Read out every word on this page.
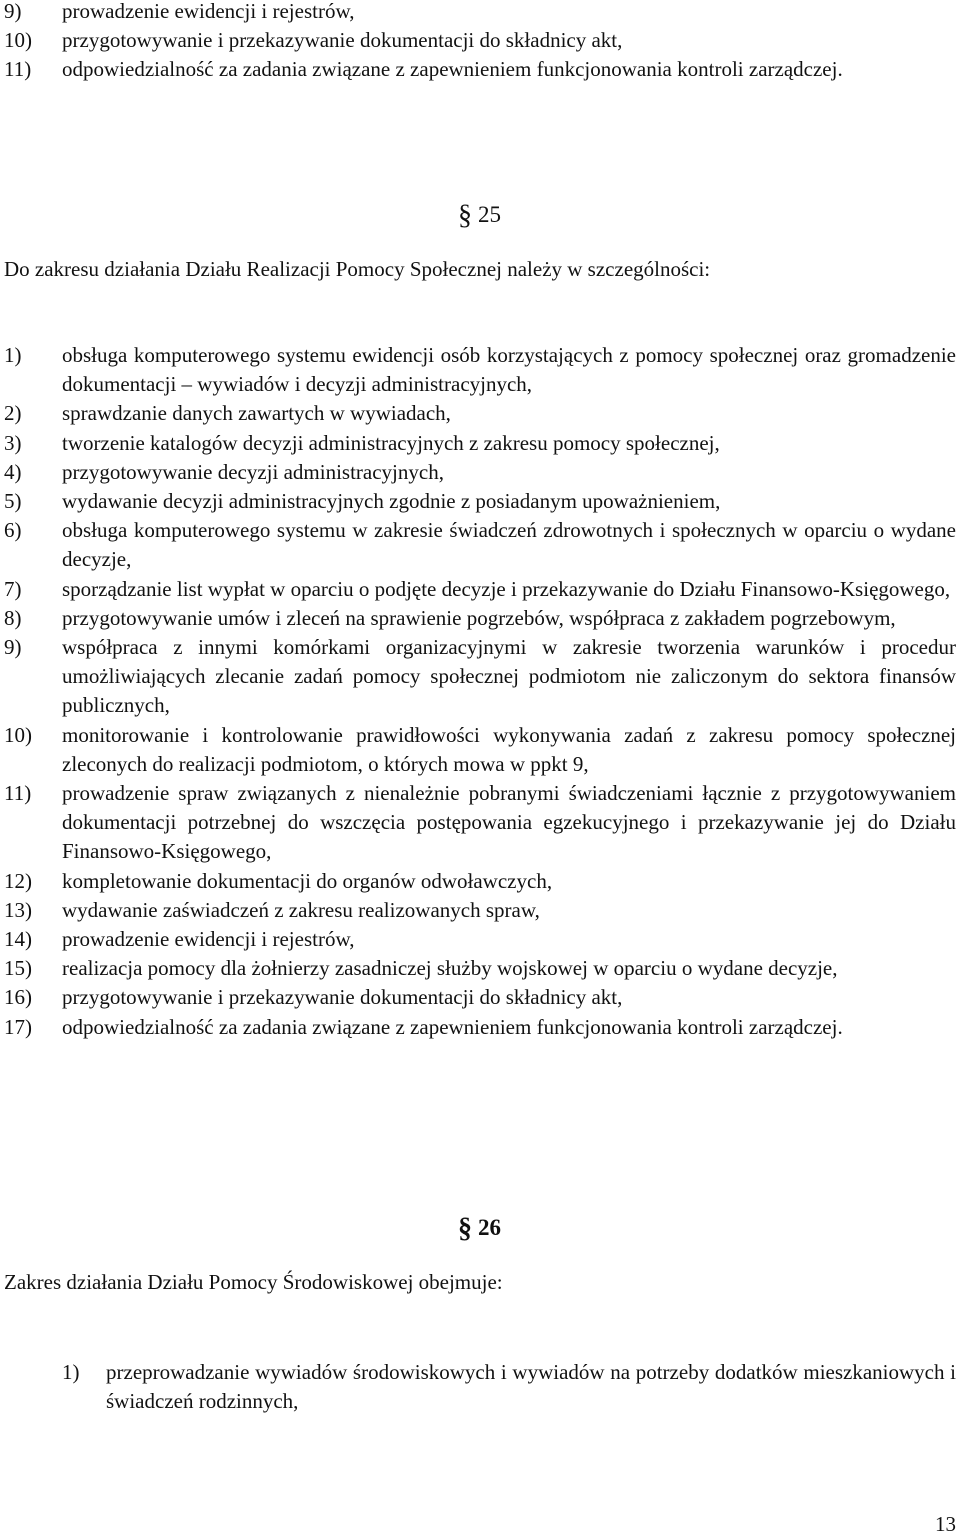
9) prowadzenie ewidencji i rejestrów,
10) przygotowywanie i przekazywanie dokumentacji do składnicy akt,
11) odpowiedzialność za zadania związane z zapewnieniem funkcjonowania kontroli zarządczej.
§ 25
Do zakresu działania Działu Realizacji Pomocy Społecznej należy w szczególności:
1) obsługa komputerowego systemu ewidencji osób korzystających z pomocy społecznej oraz gromadzenie dokumentacji – wywiadów i decyzji administracyjnych,
2) sprawdzanie danych zawartych w wywiadach,
3) tworzenie katalogów decyzji administracyjnych z zakresu pomocy społecznej,
4) przygotowywanie decyzji administracyjnych,
5) wydawanie decyzji administracyjnych zgodnie z posiadanym upoważnieniem,
6) obsługa komputerowego systemu w zakresie świadczeń zdrowotnych i społecznych w oparciu o wydane decyzje,
7) sporządzanie list wypłat w oparciu o podjęte decyzje i przekazywanie do Działu Finansowo-Księgowego,
8) przygotowywanie umów i zleceń na sprawienie pogrzebów, współpraca z zakładem pogrzebowym,
9) współpraca z innymi komórkami organizacyjnymi w zakresie tworzenia warunków i procedur umożliwiających zlecanie zadań pomocy społecznej podmiotom nie zaliczonym do sektora finansów publicznych,
10) monitorowanie i kontrolowanie prawidłowości wykonywania zadań z zakresu pomocy społecznej zleconych do realizacji podmiotom, o których mowa w ppkt 9,
11) prowadzenie spraw związanych z nienależnie pobranymi świadczeniami łącznie z przygotowywaniem dokumentacji potrzebnej do wszczęcia postępowania egzekucyjnego i przekazywanie jej do Działu Finansowo-Księgowego,
12) kompletowanie dokumentacji do organów odwoławczych,
13) wydawanie zaświadczeń z zakresu realizowanych spraw,
14) prowadzenie ewidencji i rejestrów,
15) realizacja pomocy dla żołnierzy zasadniczej służby wojskowej w oparciu o wydane decyzje,
16) przygotowywanie i przekazywanie dokumentacji do składnicy akt,
17) odpowiedzialność za zadania związane z zapewnieniem funkcjonowania kontroli zarządczej.
§ 26
Zakres działania Działu Pomocy Środowiskowej obejmuje:
1) przeprowadzanie wywiadów środowiskowych i wywiadów na potrzeby dodatków mieszkaniowych i świadczeń rodzinnych,
13
